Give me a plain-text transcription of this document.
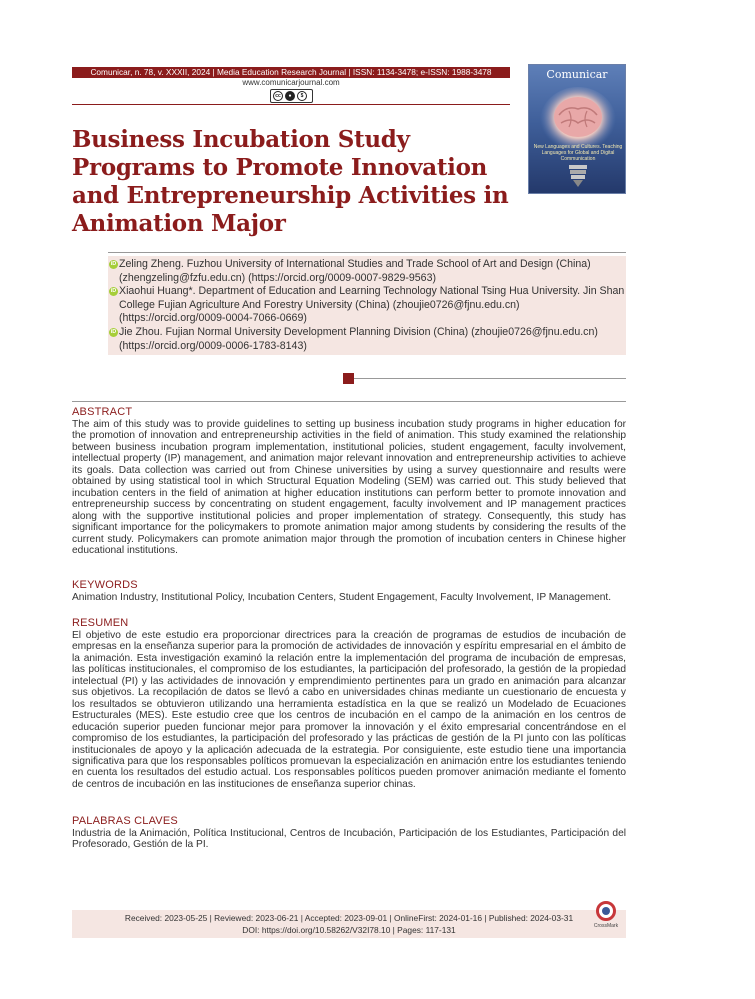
Comunicar, n. 78, v. XXXII, 2024 | Media Education Research Journal | ISSN: 1134-3478; e-ISSN: 1988-3478
www.comunicarjournal.com
cc	●	$
Comunicar
New Languages and Cultures. Teaching Languages for Global and Digital Communication
Business Incubation Study Programs to Promote Innovation and Entrepreneurship Activities in Animation Major
iD Zeling Zheng. Fuzhou University of International Studies and Trade School of Art and Design (China) (zhengzeling@fzfu.edu.cn) (https://orcid.org/0009-0007-9829-9563)
iD Xiaohui Huang*. Department of Education and Learning Technology National Tsing Hua University. Jin Shan College Fujian Agriculture And Forestry University (China) (zhoujie0726@fjnu.edu.cn) (https://orcid.org/0009-0004-7066-0669)
iD Jie Zhou. Fujian Normal University Development Planning Division (China) (zhoujie0726@fjnu.edu.cn) (https://orcid.org/0009-0006-1783-8143)
ABSTRACT
The aim of this study was to provide guidelines to setting up business incubation study programs in higher education for the promotion of innovation and entrepreneurship activities in the field of animation. This study examined the relationship between business incubation program implementation, institutional policies, student engagement, faculty involvement, intellectual property (IP) management, and animation major relevant innovation and entrepreneurship activities to achieve its goals. Data collection was carried out from Chinese universities by using a survey questionnaire and results were obtained by using statistical tool in which Structural Equation Modeling (SEM) was carried out. This study believed that incubation centers in the field of animation at higher education institutions can perform better to promote innovation and entrepreneurship success by concentrating on student engagement, faculty involvement and IP management practices along with the supportive institutional policies and proper implementation of strategy. Consequently, this study has significant importance for the policymakers to promote animation major among students by considering the results of the current study. Policymakers can promote animation major through the promotion of incubation centers in Chinese higher educational institutions.
KEYWORDS
Animation Industry, Institutional Policy, Incubation Centers, Student Engagement, Faculty Involvement, IP Management.
RESUMEN
El objetivo de este estudio era proporcionar directrices para la creación de programas de estudios de incubación de empresas en la enseñanza superior para la promoción de actividades de innovación y espíritu empresarial en el ámbito de la animación. Esta investigación examinó la relación entre la implementación del programa de incubación de empresas, las políticas institucionales, el compromiso de los estudiantes, la participación del profesorado, la gestión de la propiedad intelectual (PI) y las actividades de innovación y emprendimiento pertinentes para un grado en animación para alcanzar sus objetivos. La recopilación de datos se llevó a cabo en universidades chinas mediante un cuestionario de encuesta y los resultados se obtuvieron utilizando una herramienta estadística en la que se realizó un Modelado de Ecuaciones Estructurales (MES). Este estudio cree que los centros de incubación en el campo de la animación en los centros de educación superior pueden funcionar mejor para promover la innovación y el éxito empresarial concentrándose en el compromiso de los estudiantes, la participación del profesorado y las prácticas de gestión de la PI junto con las políticas institucionales de apoyo y la aplicación adecuada de la estrategia. Por consiguiente, este estudio tiene una importancia significativa para que los responsables políticos promuevan la especialización en animación entre los estudiantes teniendo en cuenta los resultados del estudio actual. Los responsables políticos pueden promover animación mediante el fomento de centros de incubación en las instituciones de enseñanza superior chinas.
PALABRAS CLAVES
Industria de la Animación, Política Institucional, Centros de Incubación, Participación de los Estudiantes, Participación del Profesorado, Gestión de la PI.
Received: 2023-05-25 | Reviewed: 2023-06-21 | Accepted: 2023-09-01 | OnlineFirst: 2024-01-16 | Published: 2024-03-31
DOI: https://doi.org/10.58262/V32I78.10 | Pages: 117-131	CrossMark
